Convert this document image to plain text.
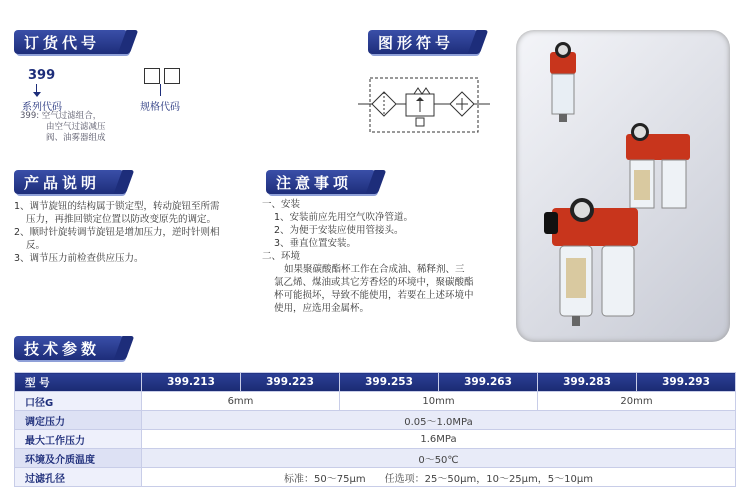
订货代号
399
系列代码
399: 空气过滤组合，
由空气过滤减压
阀、油雾器组成
规格代码
图形符号
产品说明
1、调节旋钮的结构属于锁定型，转动旋钮至所需
压力，再推回锁定位置以防改变原先的调定。
2、顺时针旋转调节旋钮是增加压力，逆时针则相
反。
3、调节压力前检查供应压力。
注意事项
一、安装
1、安装前应先用空气吹净管道。
2、为便于安装应使用管接头。
3、垂直位置安装。
二、环境
如果聚碳酸酯杯工作在合成油、稀释剂、三
氯乙烯、煤油或其它芳香烃的环境中，聚碳酸酯
杯可能损坏，导致不能使用，若要在上述环境中
使用，应选用金属杯。
技术参数
型 号	399.213	399.223	399.253	399.263	399.283	399.293
口径G	6mm		10mm		20mm	
调定压力	0.05～1.0MPa					
最大工作压力	1.6MPa					
环境及介质温度	0～50℃					
过滤孔径	标准：50～75μm 任选项：25～50μm，10～25μm，5～10μm					
